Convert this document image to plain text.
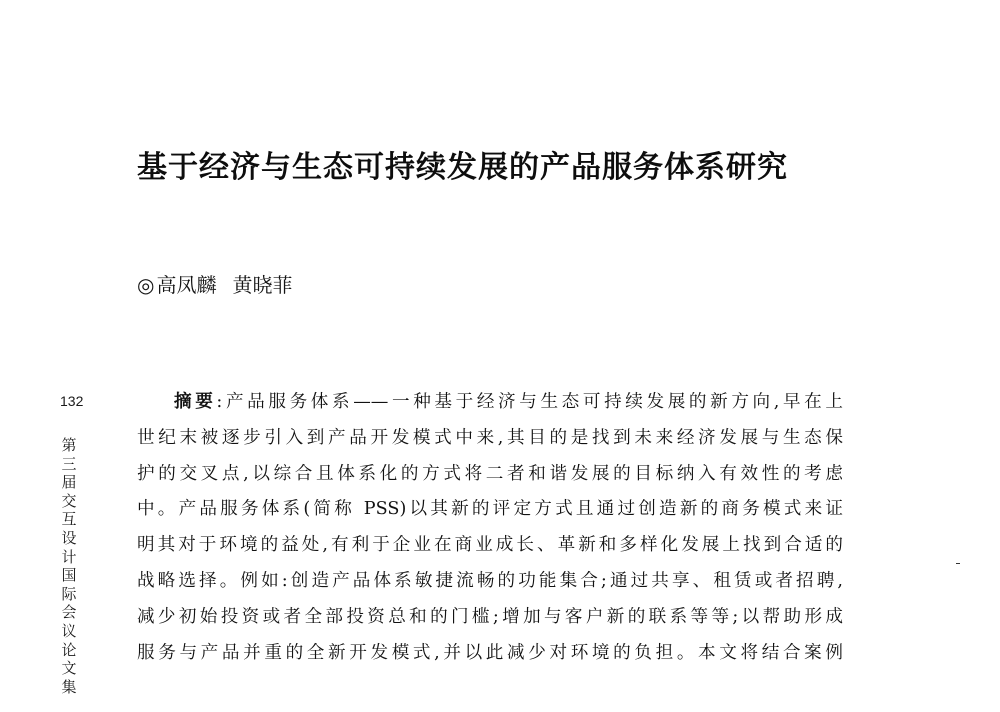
基于经济与生态可持续发展的产品服务体系研究
◎ 高凤麟 黄晓菲
132
第三届交互设计国际会议论文集
摘要:产品服务体系——一种基于经济与生态可持续发展的新方向,早在上
世纪末被逐步引入到产品开发模式中来,其目的是找到未来经济发展与生态保
护的交叉点,以综合且体系化的方式将二者和谐发展的目标纳入有效性的考虑
中。产品服务体系(简称 PSS)以其新的评定方式且通过创造新的商务模式来证
明其对于环境的益处,有利于企业在商业成长、革新和多样化发展上找到合适的
战略选择。例如:创造产品体系敏捷流畅的功能集合;通过共享、租赁或者招聘,
减少初始投资或者全部投资总和的门槛;增加与客户新的联系等等;以帮助形成
服务与产品并重的全新开发模式,并以此减少对环境的负担。本文将结合案例
